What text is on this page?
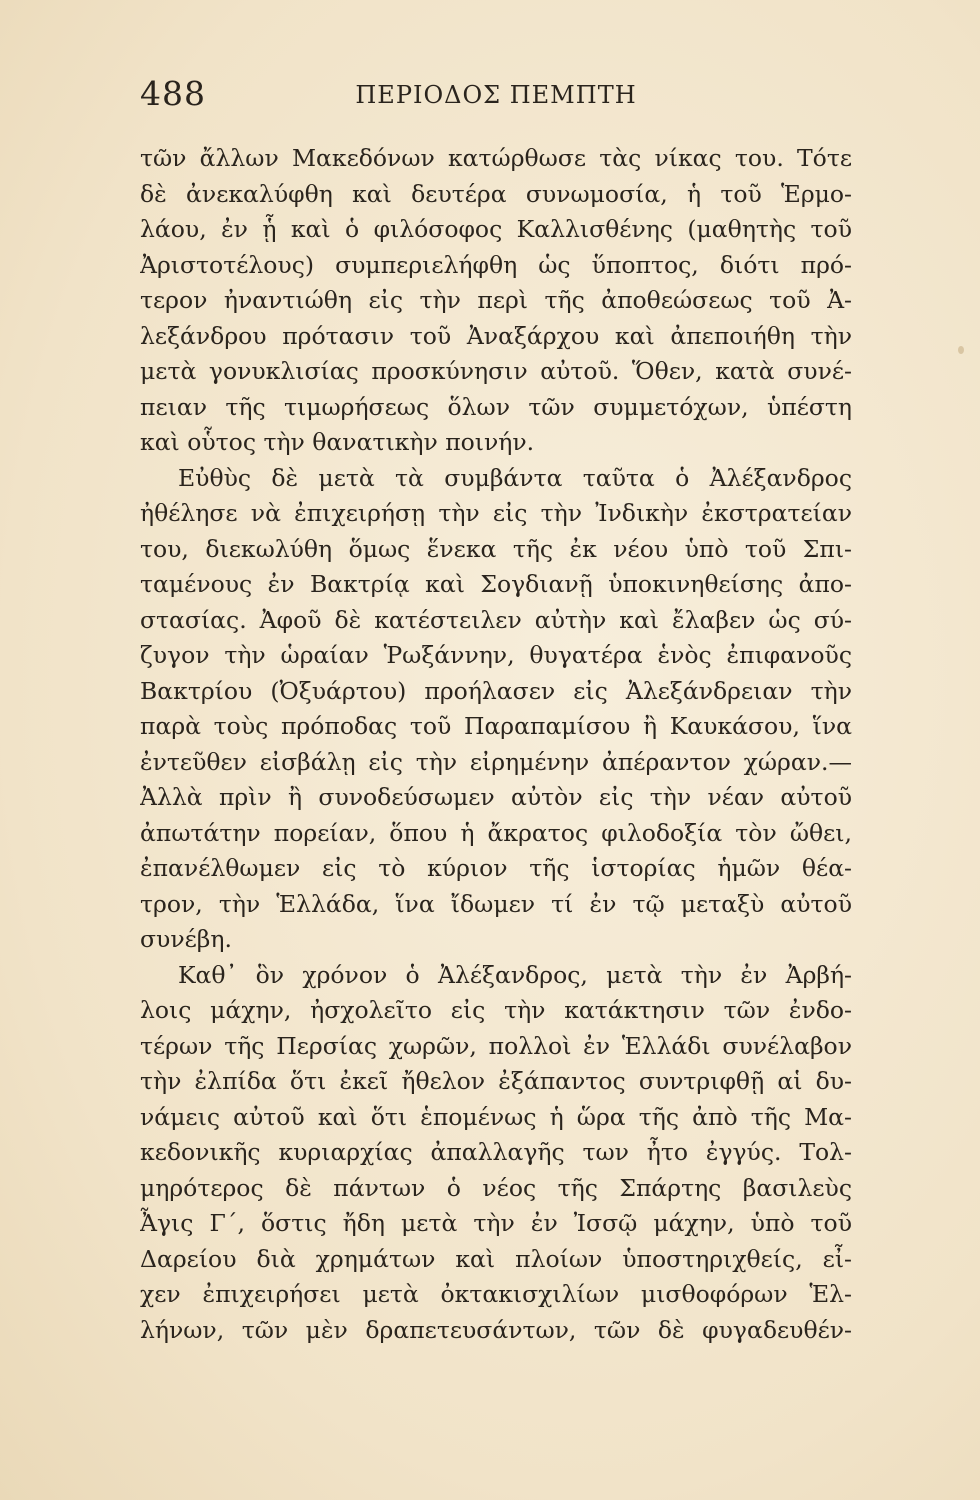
488	ΠΕΡΙΟΔΟΣ ΠΕΜΠΤΗ
τῶν ἄλλων Μακεδόνων κατώρθωσε τὰς νίκας του. Τότε
δὲ ἀνεκαλύφθη καὶ δευτέρα συνωμοσία, ἡ τοῦ Ἑρμο-
λάου, ἐν ᾗ καὶ ὁ φιλόσοφος Καλλισθένης (μαθητὴς τοῦ
Ἀριστοτέλους) συμπεριελήφθη ὡς ὕποπτος, διότι πρό-
τερον ἠναντιώθη εἰς τὴν περὶ τῆς ἀποθεώσεως τοῦ Ἀ-
λεξάνδρου πρότασιν τοῦ Ἀναξάρχου καὶ ἀπεποιήθη τὴν
μετὰ γονυκλισίας προσκύνησιν αὐτοῦ. Ὅθεν, κατὰ συνέ-
πειαν τῆς τιμωρήσεως ὅλων τῶν συμμετόχων, ὑπέστη
καὶ οὗτος τὴν θανατικὴν ποινήν.
Εὐθὺς δὲ μετὰ τὰ συμβάντα ταῦτα ὁ Ἀλέξανδρος
ἠθέλησε νὰ ἐπιχειρήσῃ τὴν εἰς τὴν Ἰνδικὴν ἐκστρατείαν
του, διεκωλύθη ὅμως ἕνεκα τῆς ἐκ νέου ὑπὸ τοῦ Σπι-
ταμένους ἐν Βακτρίᾳ καὶ Σογδιανῇ ὑποκινηθείσης ἀπο-
στασίας. Ἀφοῦ δὲ κατέστειλεν αὐτὴν καὶ ἔλαβεν ὡς σύ-
ζυγον τὴν ὡραίαν Ῥωξάννην, θυγατέρα ἑνὸς ἐπιφανοῦς
Βακτρίου (Ὀξυάρτου) προήλασεν εἰς Ἀλεξάνδρειαν τὴν
παρὰ τοὺς πρόποδας τοῦ Παραπαμίσου ἢ Καυκάσου, ἵνα
ἐντεῦθεν εἰσβάλῃ εἰς τὴν εἰρημένην ἀπέραντον χώραν.—
Ἀλλὰ πρὶν ἢ συνοδεύσωμεν αὐτὸν εἰς τὴν νέαν αὐτοῦ
ἀπωτάτην πορείαν, ὅπου ἡ ἄκρατος φιλοδοξία τὸν ὤθει,
ἐπανέλθωμεν εἰς τὸ κύριον τῆς ἱστορίας ἡμῶν θέα-
τρον, τὴν Ἑλλάδα, ἵνα ἴδωμεν τί ἐν τῷ μεταξὺ αὐτοῦ
συνέβη.
Καθ᾽ ὃν χρόνον ὁ Ἀλέξανδρος, μετὰ τὴν ἐν Ἀρβή-
λοις μάχην, ἠσχολεῖτο εἰς τὴν κατάκτησιν τῶν ἐνδο-
τέρων τῆς Περσίας χωρῶν, πολλοὶ ἐν Ἑλλάδι συνέλαβον
τὴν ἐλπίδα ὅτι ἐκεῖ ἤθελον ἐξάπαντος συντριφθῇ αἱ δυ-
νάμεις αὐτοῦ καὶ ὅτι ἑπομένως ἡ ὥρα τῆς ἀπὸ τῆς Μα-
κεδονικῆς κυριαρχίας ἀπαλλαγῆς των ἦτο ἐγγύς. Τολ-
μηρότερος δὲ πάντων ὁ νέος τῆς Σπάρτης βασιλεὺς
Ἆγις Γ΄, ὅστις ἤδη μετὰ τὴν ἐν Ἰσσῷ μάχην, ὑπὸ τοῦ
Δαρείου διὰ χρημάτων καὶ πλοίων ὑποστηριχθείς, εἶ-
χεν ἐπιχειρήσει μετὰ ὀκτακισχιλίων μισθοφόρων Ἑλ-
λήνων, τῶν μὲν δραπετευσάντων, τῶν δὲ φυγαδευθέν-
